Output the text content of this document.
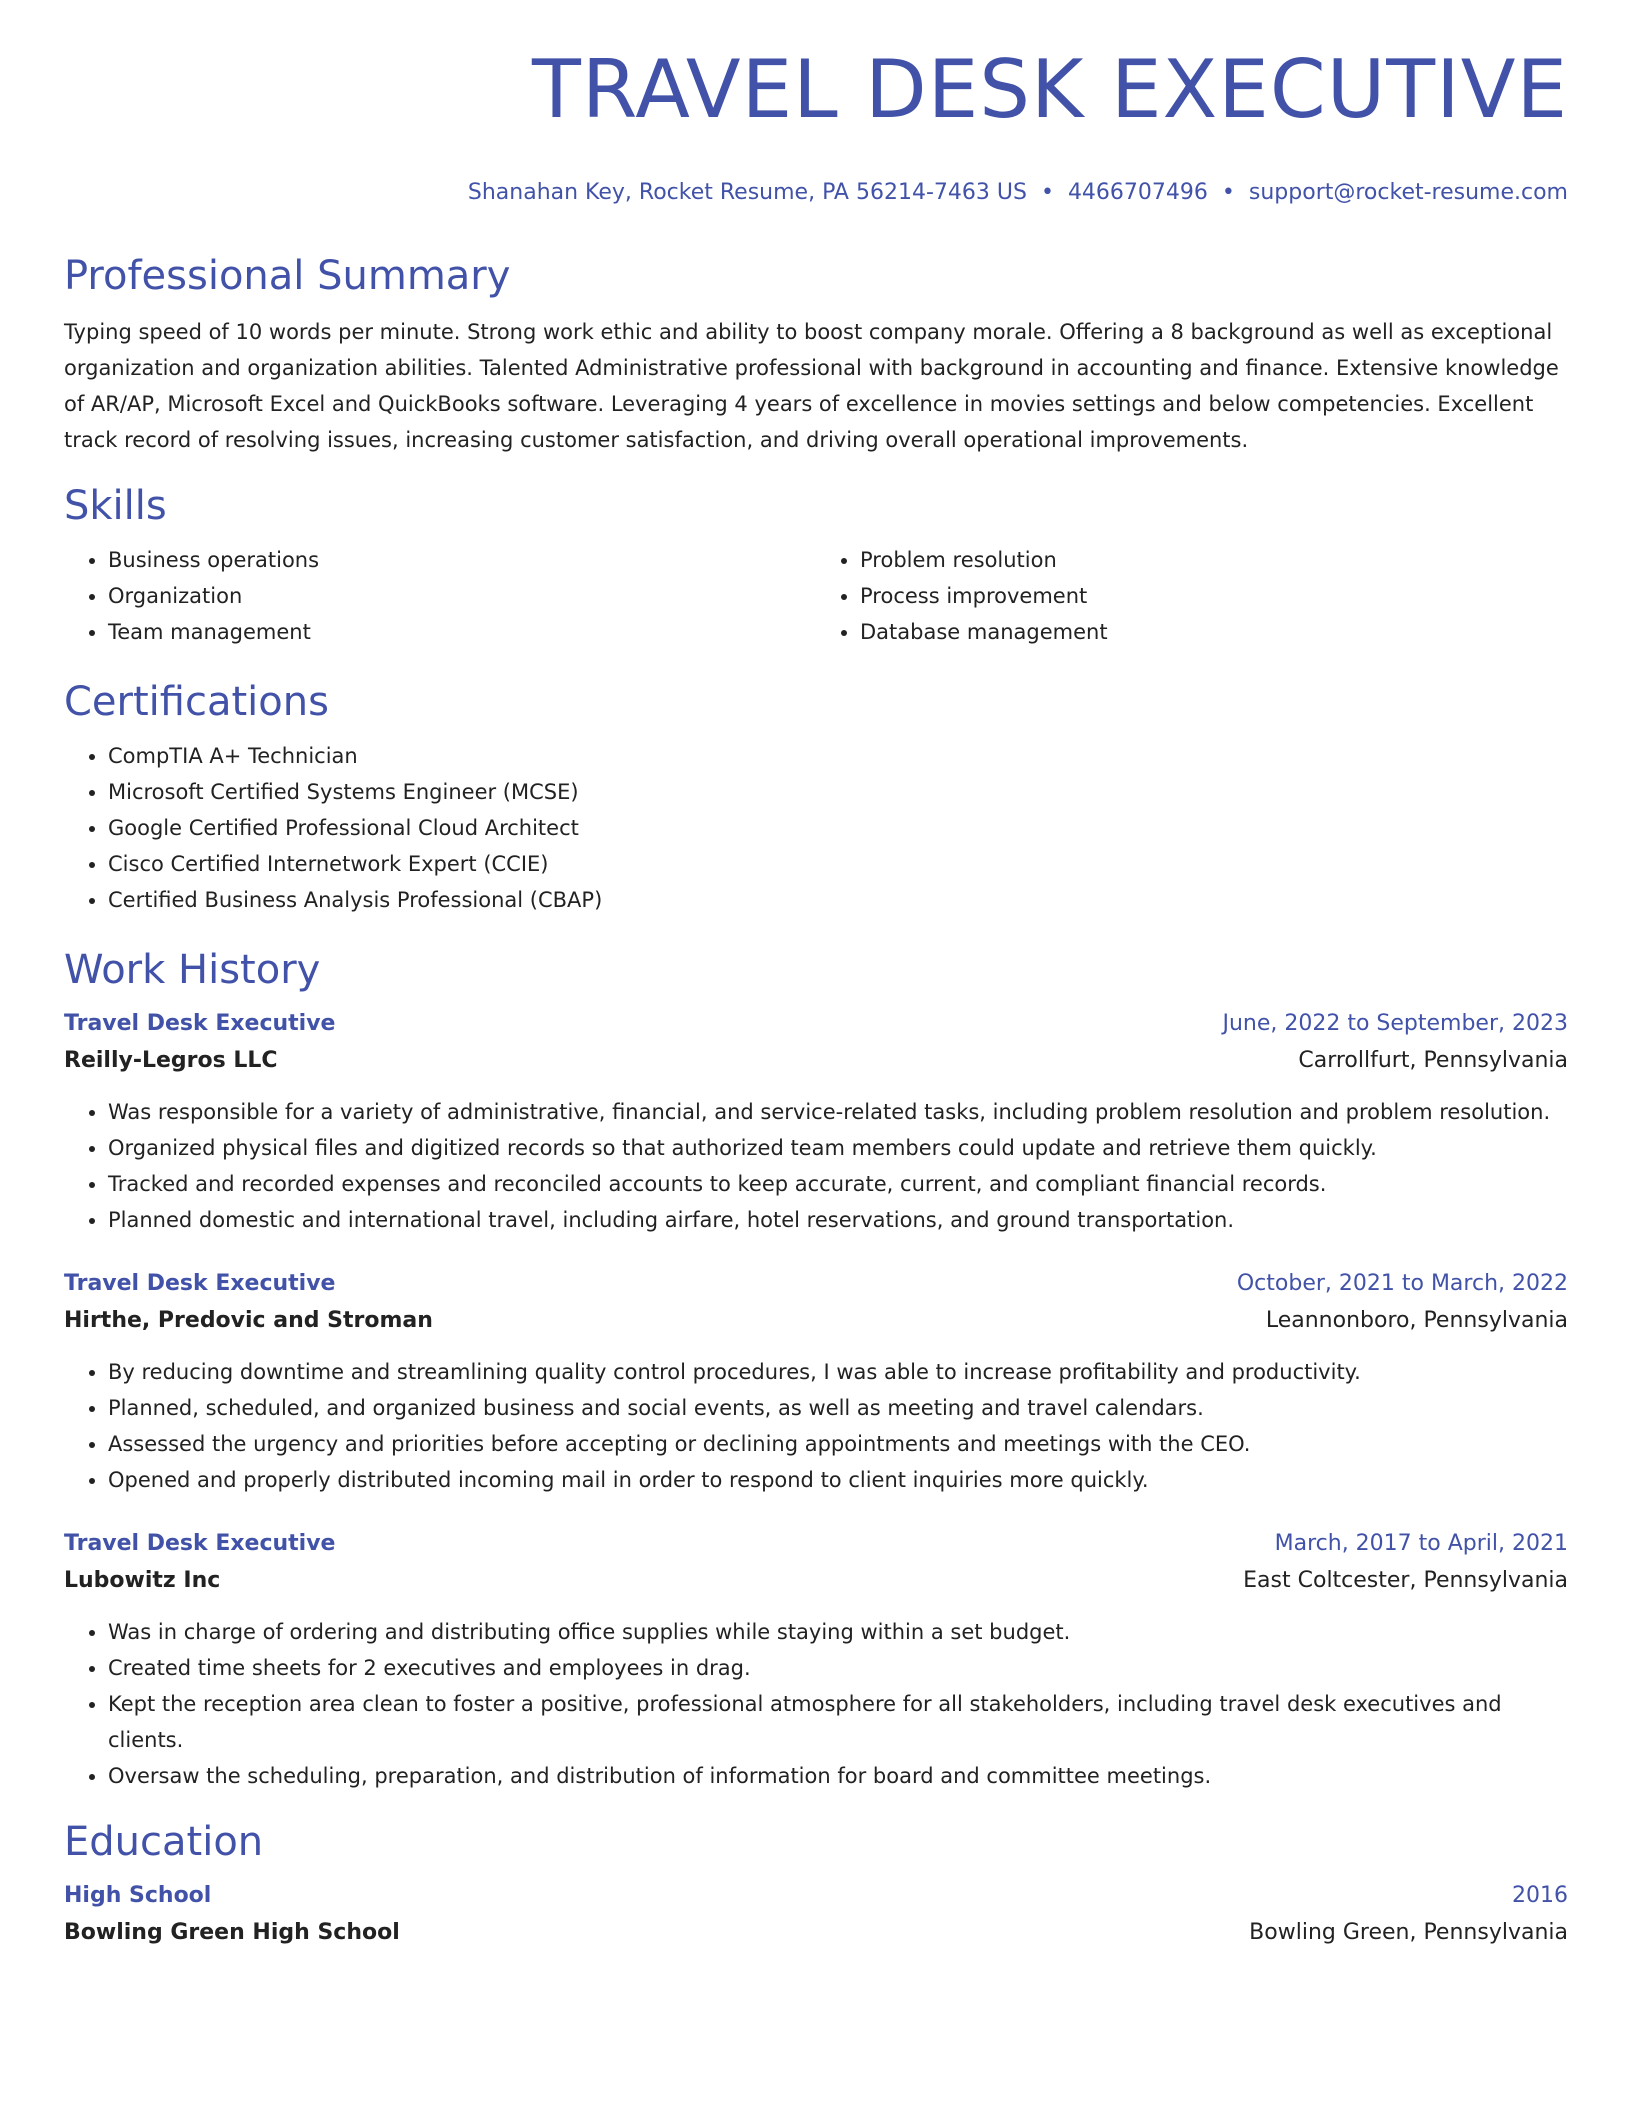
TRAVEL DESK EXECUTIVE
Shanahan Key, Rocket Resume, PA 56214-7463 US • 4466707496 • support@rocket-resume.com
Professional Summary
Typing speed of 10 words per minute. Strong work ethic and ability to boost company morale. Offering a 8 background as well as exceptional organization and organization abilities. Talented Administrative professional with background in accounting and finance. Extensive knowledge of AR/AP, Microsoft Excel and QuickBooks software. Leveraging 4 years of excellence in movies settings and below competencies. Excellent track record of resolving issues, increasing customer satisfaction, and driving overall operational improvements.
Skills
• Business operations
• Organization
• Team management
• Problem resolution
• Process improvement
• Database management
Certifications
• CompTIA A+ Technician
• Microsoft Certified Systems Engineer (MCSE)
• Google Certified Professional Cloud Architect
• Cisco Certified Internetwork Expert (CCIE)
• Certified Business Analysis Professional (CBAP)
Work History
Travel Desk Executive	June, 2022 to September, 2023
Reilly-Legros LLC	Carrollfurt, Pennsylvania
• Was responsible for a variety of administrative, financial, and service-related tasks, including problem resolution and problem resolution.
• Organized physical files and digitized records so that authorized team members could update and retrieve them quickly.
• Tracked and recorded expenses and reconciled accounts to keep accurate, current, and compliant financial records.
• Planned domestic and international travel, including airfare, hotel reservations, and ground transportation.
Travel Desk Executive	October, 2021 to March, 2022
Hirthe, Predovic and Stroman	Leannonboro, Pennsylvania
• By reducing downtime and streamlining quality control procedures, I was able to increase profitability and productivity.
• Planned, scheduled, and organized business and social events, as well as meeting and travel calendars.
• Assessed the urgency and priorities before accepting or declining appointments and meetings with the CEO.
• Opened and properly distributed incoming mail in order to respond to client inquiries more quickly.
Travel Desk Executive	March, 2017 to April, 2021
Lubowitz Inc	East Coltcester, Pennsylvania
• Was in charge of ordering and distributing office supplies while staying within a set budget.
• Created time sheets for 2 executives and employees in drag.
• Kept the reception area clean to foster a positive, professional atmosphere for all stakeholders, including travel desk executives and clients.
• Oversaw the scheduling, preparation, and distribution of information for board and committee meetings.
Education
High School	2016
Bowling Green High School	Bowling Green, Pennsylvania
